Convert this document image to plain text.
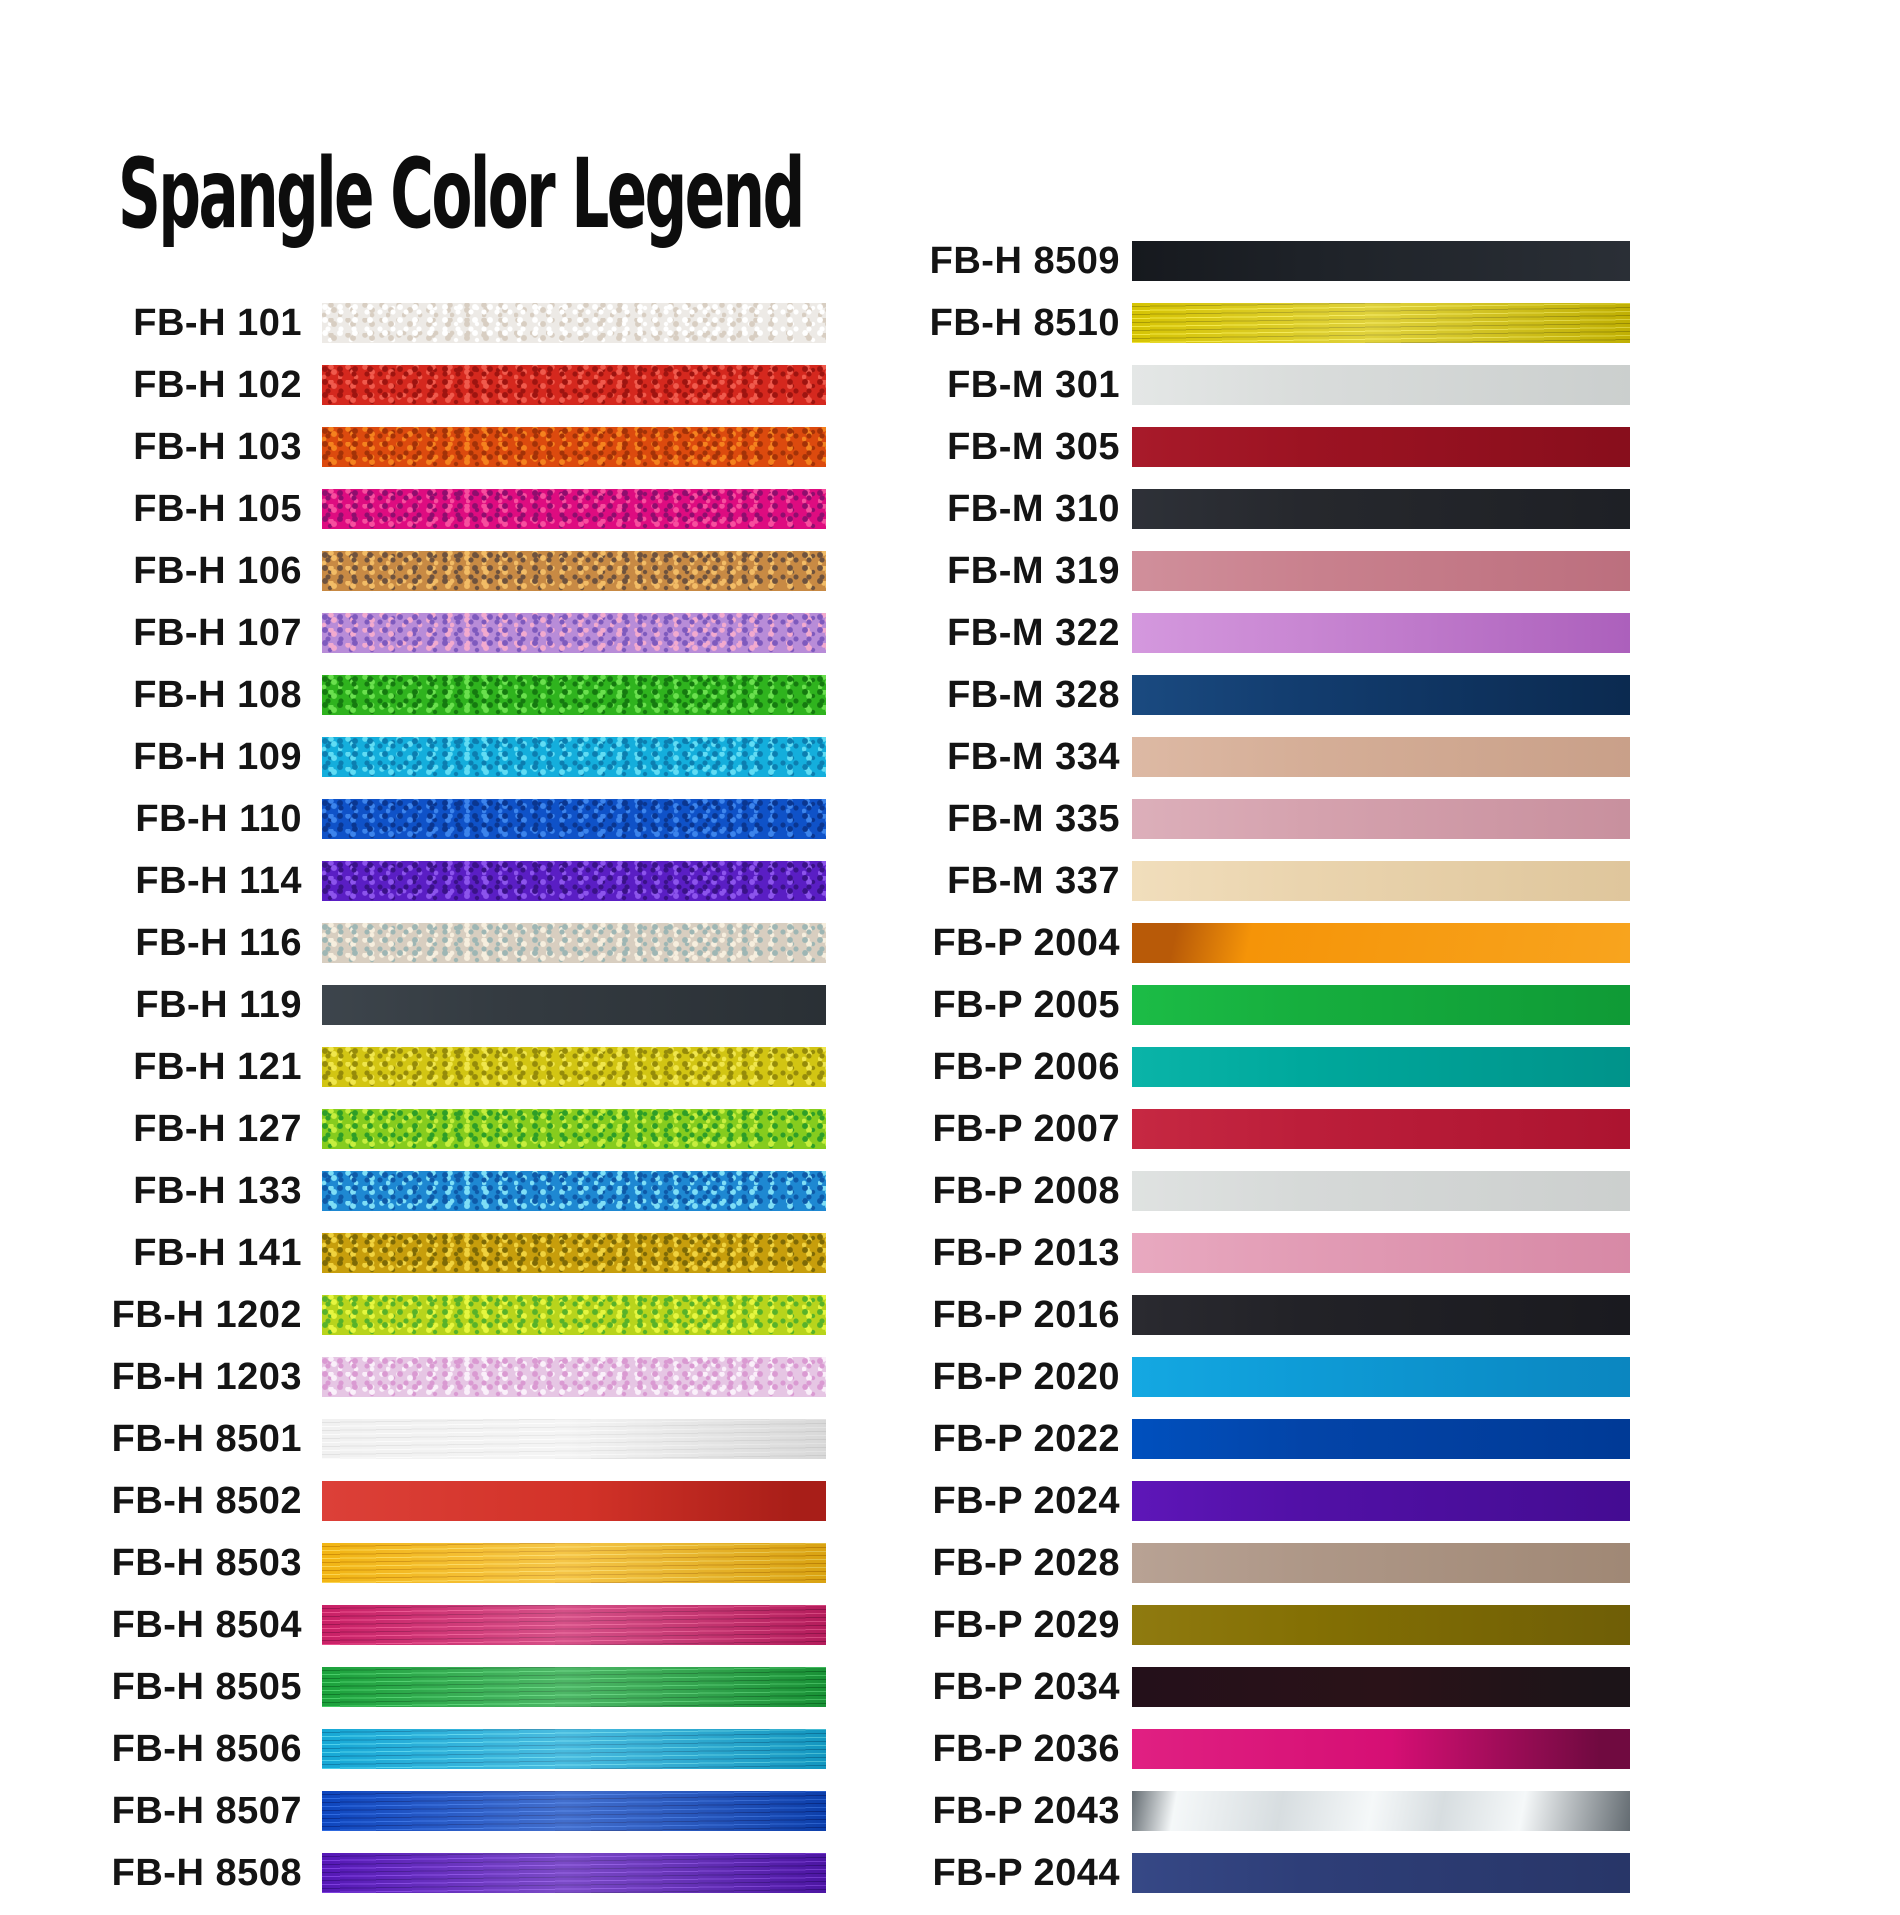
Spangle Color Legend
FB-H 101
FB-H 102
FB-H 103
FB-H 105
FB-H 106
FB-H 107
FB-H 108
FB-H 109
FB-H 110
FB-H 114
FB-H 116
FB-H 119
FB-H 121
FB-H 127
FB-H 133
FB-H 141
FB-H 1202
FB-H 1203
FB-H 8501
FB-H 8502
FB-H 8503
FB-H 8504
FB-H 8505
FB-H 8506
FB-H 8507
FB-H 8508
FB-H 8509
FB-H 8510
FB-M 301
FB-M 305
FB-M 310
FB-M 319
FB-M 322
FB-M 328
FB-M 334
FB-M 335
FB-M 337
FB-P 2004
FB-P 2005
FB-P 2006
FB-P 2007
FB-P 2008
FB-P 2013
FB-P 2016
FB-P 2020
FB-P 2022
FB-P 2024
FB-P 2028
FB-P 2029
FB-P 2034
FB-P 2036
FB-P 2043
FB-P 2044
